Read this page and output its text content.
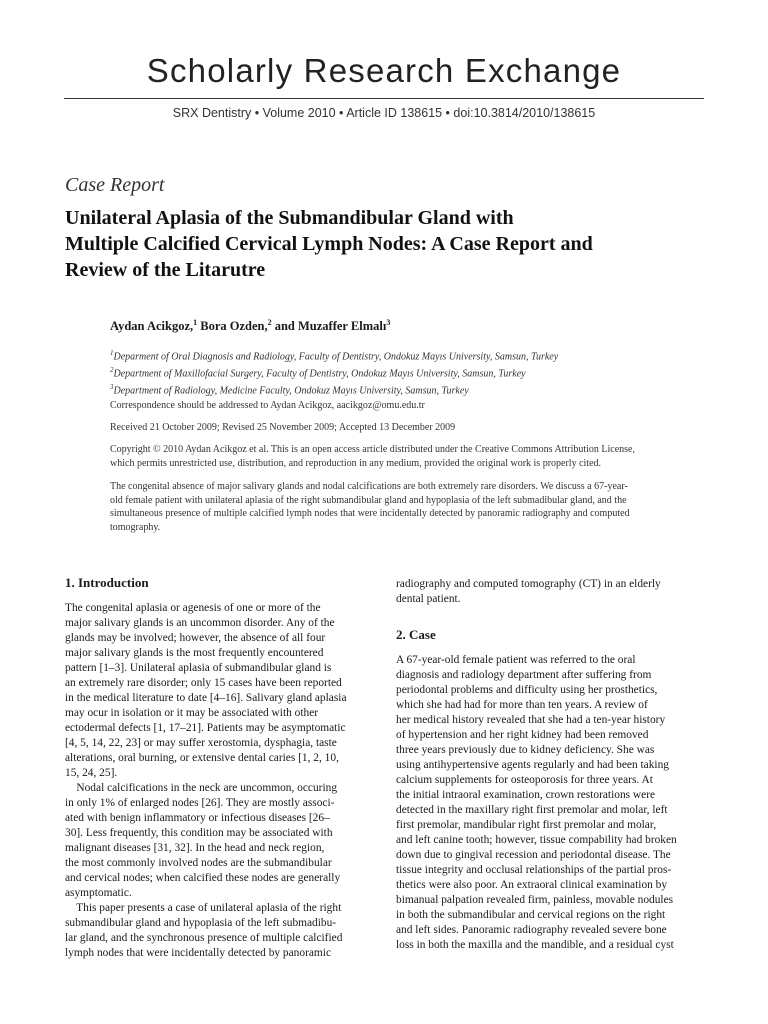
Scholarly Research Exchange
SRX Dentistry • Volume 2010 • Article ID 138615 • doi:10.3814/2010/138615
Case Report
Unilateral Aplasia of the Submandibular Gland with
Multiple Calcified Cervical Lymph Nodes: A Case Report and
Review of the Litarutre
Aydan Acikgoz,$^1$ Bora Ozden,$^2$ and Muzaffer Elmalı$^3$
$^1$Deparment of Oral Diagnosis and Radiology, Faculty of Dentistry, Ondokuz Mayıs University, Samsun, Turkey
$^2$Department of Maxillofacial Surgery, Faculty of Dentistry, Ondokuz Mayıs University, Samsun, Turkey
$^3$Department of Radiology, Medicine Faculty, Ondokuz Mayıs University, Samsun, Turkey
Correspondence should be addressed to Aydan Acikgoz, aacikgoz@omu.edu.tr
Received 21 October 2009; Revised 25 November 2009; Accepted 13 December 2009
Copyright © 2010 Aydan Acikgoz et al. This is an open access article distributed under the Creative Commons Attribution License,
which permits unrestricted use, distribution, and reproduction in any medium, provided the original work is properly cited.
The congenital absence of major salivary glands and nodal calcifications are both extremely rare disorders. We discuss a 67-year-
old female patient with unilateral aplasia of the right submandibular gland and hypoplasia of the left submadibular gland, and the
simultaneous presence of multiple calcified lymph nodes that were incidentally detected by panoramic radiography and computed
tomography.
1. Introduction
The congenital aplasia or agenesis of one or more of the
major salivary glands is an uncommon disorder. Any of the
glands may be involved; however, the absence of all four
major salivary glands is the most frequently encountered
pattern [1–3]. Unilateral aplasia of submandibular gland is
an extremely rare disorder; only 15 cases have been reported
in the medical literature to date [4–16]. Salivary gland aplasia
may ocur in isolation or it may be associated with other
ectodermal defects [1, 17–21]. Patients may be asymptomatic
[4, 5, 14, 22, 23] or may suffer xerostomia, dysphagia, taste
alterations, oral burning, or extensive dental caries [1, 2, 10,
15, 24, 25].
Nodal calcifications in the neck are uncommon, occuring
in only 1% of enlarged nodes [26]. They are mostly associ-
ated with benign inflammatory or infectious diseases [26–
30]. Less frequently, this condition may be associated with
malignant diseases [31, 32]. In the head and neck region,
the most commonly involved nodes are the submandibular
and cervical nodes; when calcified these nodes are generally
asymptomatic.
This paper presents a case of unilateral aplasia of the right
submandibular gland and hypoplasia of the left submadibu-
lar gland, and the synchronous presence of multiple calcified
lymph nodes that were incidentally detected by panoramic
radiography and computed tomography (CT) in an elderly
dental patient.
2. Case
A 67-year-old female patient was referred to the oral
diagnosis and radiology department after suffering from
periodontal problems and difficulty using her prosthetics,
which she had had for more than ten years. A review of
her medical history revealed that she had a ten-year history
of hypertension and her right kidney had been removed
three years previously due to kidney deficiency. She was
using antihypertensive agents regularly and had been taking
calcium supplements for osteoporosis for three years. At
the initial intraoral examination, crown restorations were
detected in the maxillary right first premolar and molar, left
first premolar, mandibular right first premolar and molar,
and left canine tooth; however, tissue compability had broken
down due to gingival recession and periodontal disease. The
tissue integrity and occlusal relationships of the partial pros-
thetics were also poor. An extraoral clinical examination by
bimanual palpation revealed firm, painless, movable nodules
in both the submandibular and cervical regions on the right
and left sides. Panoramic radiography revealed severe bone
loss in both the maxilla and the mandible, and a residual cyst
